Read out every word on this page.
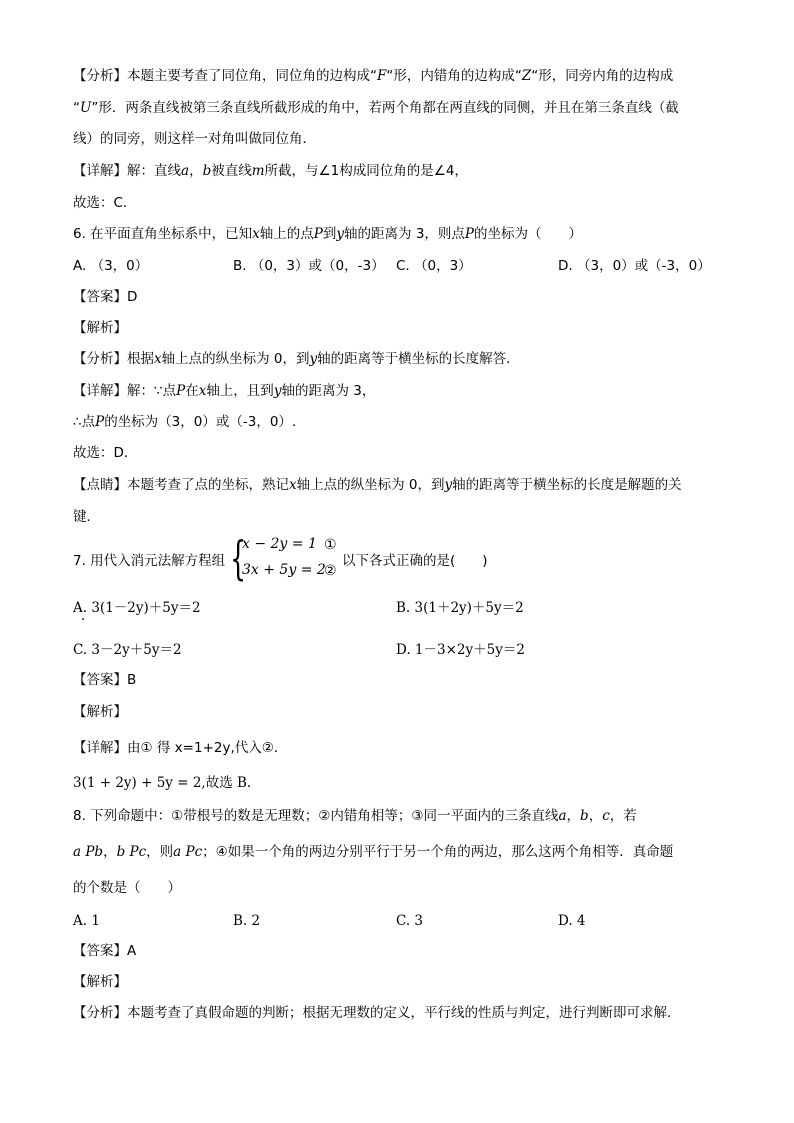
【分析】本题主要考查了同位角，同位角的边构成“F“形，内错角的边构成“Z“形，同旁内角的边构成
“U”形．两条直线被第三条直线所截形成的角中，若两个角都在两直线的同侧，并且在第三条直线（截
线）的同旁，则这样一对角叫做同位角．
【详解】解：直线a，b被直线m所截，与∠1构成同位角的是∠4，
故选：C．
6. 在平面直角坐标系中，已知x轴上的点P到y轴的距离为 3，则点P的坐标为（　　）
A. （3，0）	B. （0，3）或（0，-3） C. （0，3）	D. （3，0）或（-3，0）
【答案】D
【解析】
【分析】根据x轴上点的纵坐标为 0，到y轴的距离等于横坐标的长度解答．
【详解】解：∵点P在x轴上，且到y轴的距离为 3，
∴点P的坐标为（3，0）或（-3，0）.
故选：D．
【点睛】本题考查了点的坐标，熟记x轴上点的纵坐标为 0，到y轴的距离等于横坐标的长度是解题的关
键．
7. 用代入消元法解方程组 {
x − 2y = 1
3x + 5y = 2
①
②
以下各式正确的是(　　)
A. 3(1－2y)＋5y＝2	B. 3(1＋2y)＋5y＝2
C. 3－2y＋5y＝2	D. 1－3×2y＋5y＝2
【答案】B
【解析】
【详解】由① 得 x=1+2y,代入②．
3(1 + 2y) + 5y = 2,故选 B.
8. 下列命题中：①带根号的数是无理数；②内错角相等；③同一平面内的三条直线a，b，c，若
a Pb，b Pc，则a Pc；④如果一个角的两边分别平行于另一个角的两边，那么这两个角相等．真命题
的个数是（　　）
A. 1	B. 2	C. 3	D. 4
【答案】A
【解析】
【分析】本题考查了真假命题的判断；根据无理数的定义，平行线的性质与判定，进行判断即可求解．
